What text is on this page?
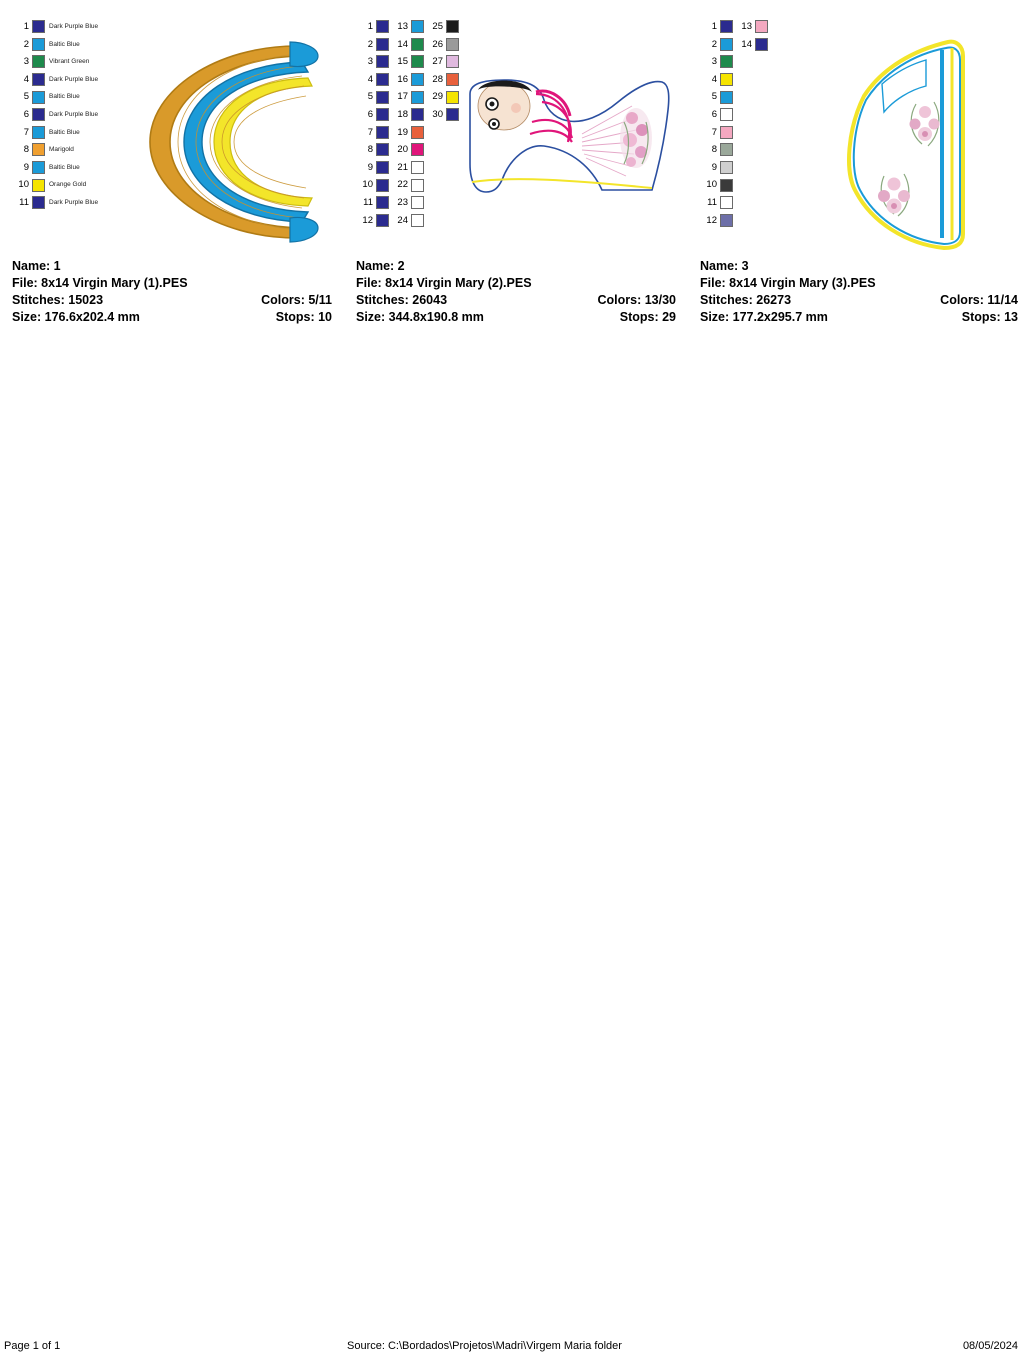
1	Dark Purple Blue
2	Baltic Blue
3	Vibrant Green
4	Dark Purple Blue
5	Baltic Blue
6	Dark Purple Blue
7	Baltic Blue
8	Marigold
9	Baltic Blue
10	Orange Gold
11	Dark Purple Blue
Name: 1
File: 8x14 Virgin Mary (1).PES
Stitches: 15023	Colors: 5/11
Size: 176.6x202.4 mm	Stops: 10
1
2
3
4
5
6
7
8
9
10
11
12
13
14
15
16
17
18
19
20
21
22
23
24
25
26
27
28
29
30
Name: 2
File: 8x14 Virgin Mary (2).PES
Stitches: 26043	Colors: 13/30
Size: 344.8x190.8 mm	Stops: 29
1
2
3
4
5
6
7
8
9
10
11
12
13
14
Name: 3
File: 8x14 Virgin Mary (3).PES
Stitches: 26273	Colors: 11/14
Size: 177.2x295.7 mm	Stops: 13
Page 1 of 1	Source: C:\Bordados\Projetos\Madri\Virgem Maria folder	08/05/2024
